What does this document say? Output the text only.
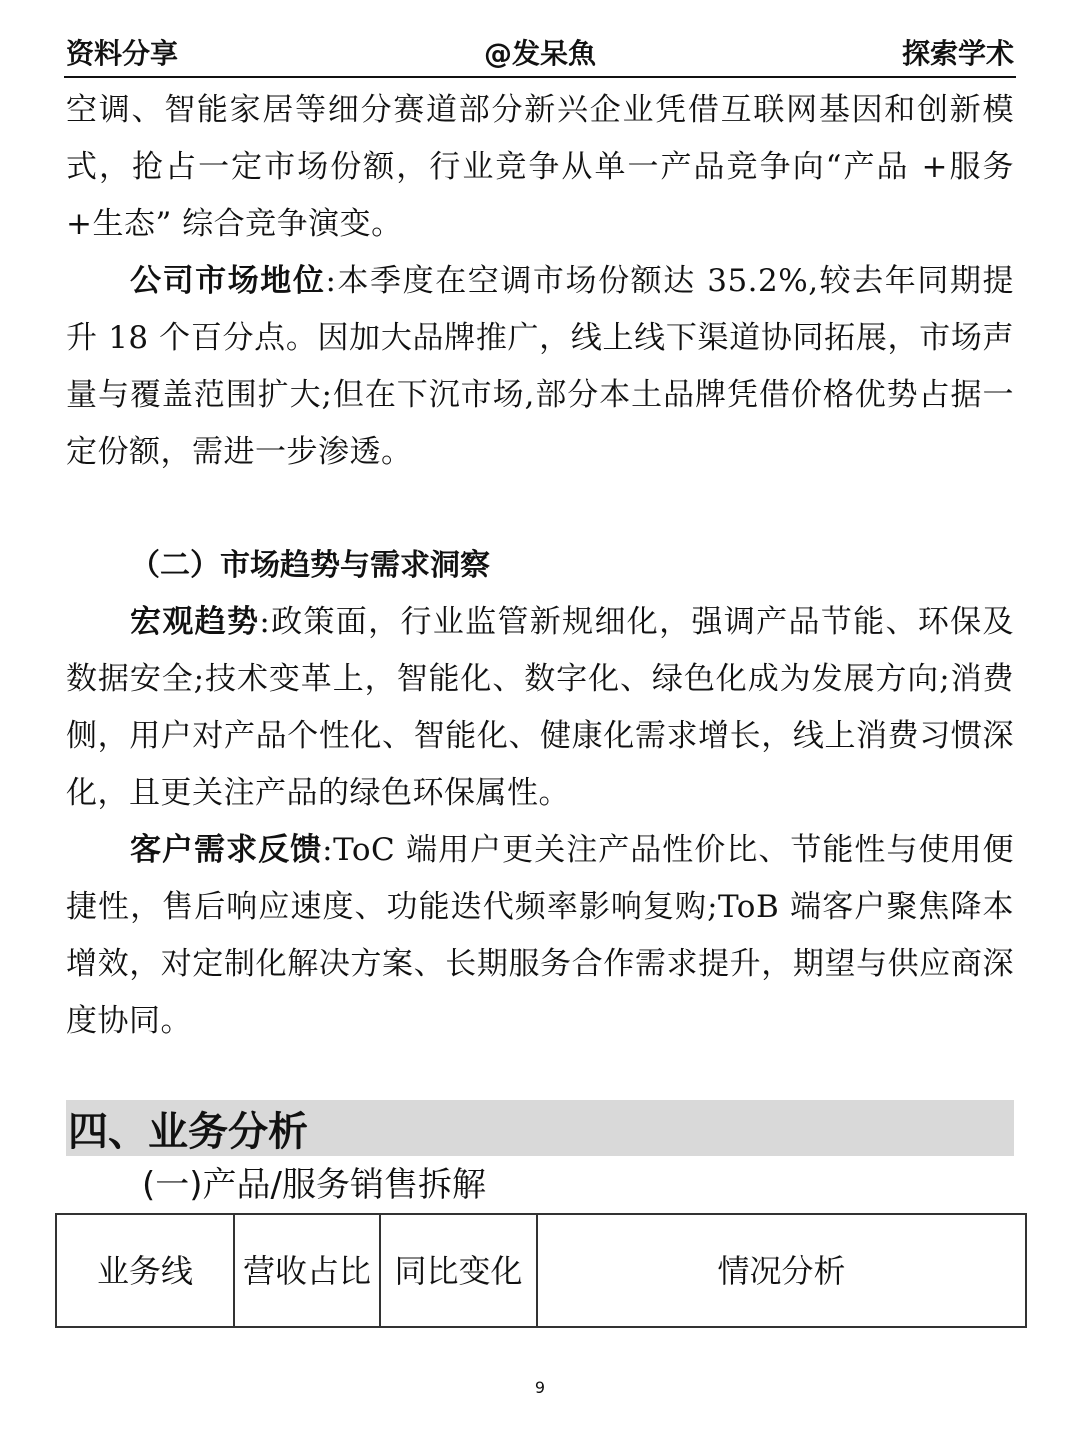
资料分享	@发呆魚	探索学术

空调、智能家居等细分赛道部分新兴企业凭借互联网基因和创新模式，抢占一定市场份额，行业竞争从单一产品竞争向“产品 +服务+生态” 综合竞争演变。

公司市场地位:本季度在空调市场份额达 35.2%,较去年同期提升 18 个百分点。因加大品牌推广，线上线下渠道协同拓展，市场声量与覆盖范围扩大;但在下沉市场,部分本土品牌凭借价格优势占据一定份额，需进一步渗透。

（二）市场趋势与需求洞察

宏观趋势:政策面，行业监管新规细化，强调产品节能、环保及数据安全;技术变革上，智能化、数字化、绿色化成为发展方向;消费侧，用户对产品个性化、智能化、健康化需求增长，线上消费习惯深化，且更关注产品的绿色环保属性。

客户需求反馈:ToC 端用户更关注产品性价比、节能性与使用便捷性，售后响应速度、功能迭代频率影响复购;ToB 端客户聚焦降本增效，对定制化解决方案、长期服务合作需求提升，期望与供应商深度协同。

四、业务分析

(一)产品/服务销售拆解

业务线	营收占比	同比变化	情况分析
9
